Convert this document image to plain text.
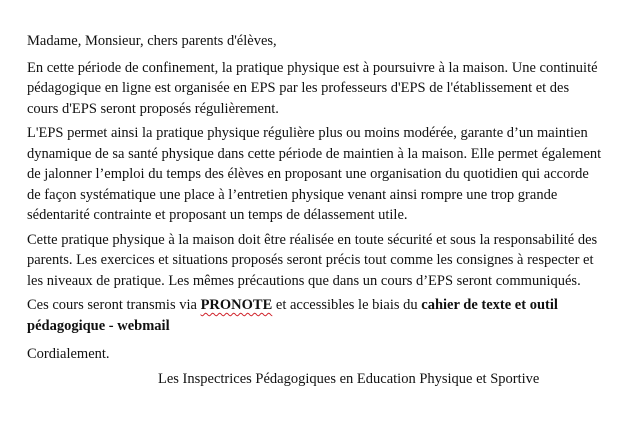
Madame, Monsieur, chers parents d'élèves,

En cette période de confinement, la pratique physique est à poursuivre à la maison. Une continuité pédagogique en ligne est organisée en EPS par les professeurs d'EPS de l'établissement et des cours d'EPS seront proposés régulièrement.

L'EPS permet ainsi la pratique physique régulière plus ou moins modérée, garante d’un maintien dynamique de sa santé physique dans cette période de maintien à la maison. Elle permet également de jalonner l’emploi du temps des élèves en proposant une organisation du quotidien qui accorde de façon systématique une place à l’entretien physique venant ainsi rompre une trop grande sédentarité contrainte et proposant un temps de délassement utile.

Cette pratique physique à la maison doit être réalisée en toute sécurité et sous la responsabilité des parents. Les exercices et situations proposés seront précis tout comme les consignes à respecter et les niveaux de pratique. Les mêmes précautions que dans un cours d’EPS seront communiqués.

Ces cours seront transmis via PRONOTE et accessibles le biais du cahier de texte et outil pédagogique - webmail

Cordialement.

Les Inspectrices Pédagogiques en Education Physique et Sportive
